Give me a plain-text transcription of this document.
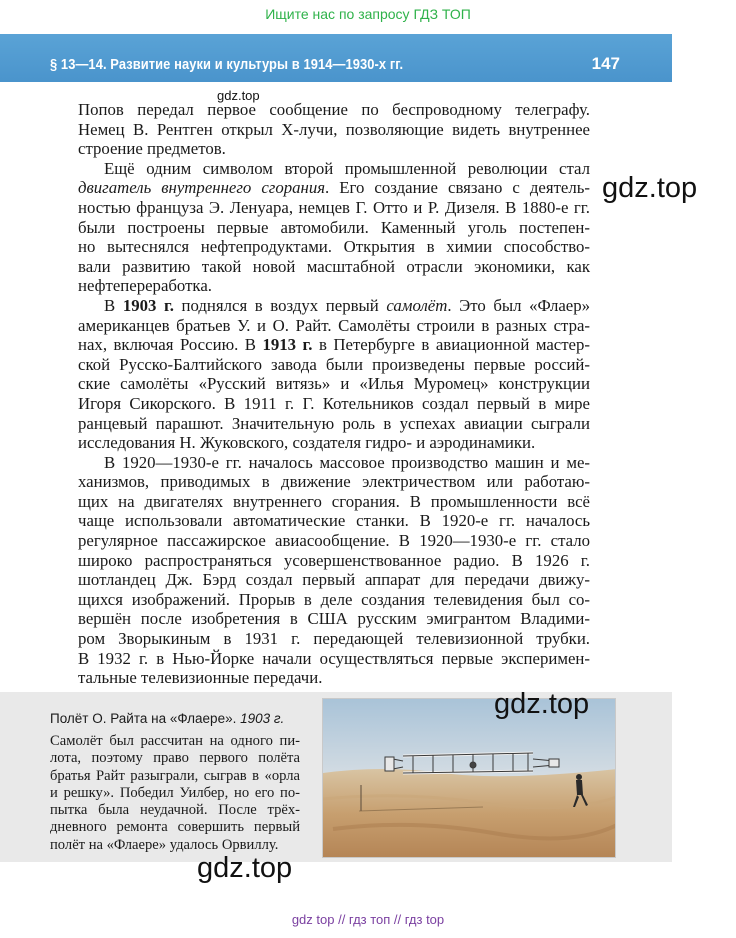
Ищите нас по запросу ГДЗ ТОП
§ 13—14. Развитие науки и культуры в 1914—1930-х гг.	147
gdz.top
gdz.top
Попов передал первое сообщение по беспроводному телеграфу.
Немец В. Рентген открыл Х-лучи, позволяющие видеть внутреннее
строение предметов.
Ещё одним символом второй промышленной революции стал
двигатель внутреннего сгорания. Его создание связано с деятель-
ностью француза Э. Ленуара, немцев Г. Отто и Р. Дизеля. В 1880-е гг.
были построены первые автомобили. Каменный уголь постепен-
но вытеснялся нефтепродуктами. Открытия в химии способство-
вали развитию такой новой масштабной отрасли экономики, как
нефтепереработка.
В 1903 г. поднялся в воздух первый самолёт. Это был «Флаер»
американцев братьев У. и О. Райт. Самолёты строили в разных стра-
нах, включая Россию. В 1913 г. в Петербурге в авиационной мастер-
ской Русско-Балтийского завода были произведены первые россий-
ские самолёты «Русский витязь» и «Илья Муромец» конструкции
Игоря Сикорского. В 1911 г. Г. Котельников создал первый в мире
ранцевый парашют. Значительную роль в успехах авиации сыграли
исследования Н. Жуковского, создателя гидро- и аэродинамики.
В 1920—1930-е гг. началось массовое производство машин и ме-
ханизмов, приводимых в движение электричеством или работаю-
щих на двигателях внутреннего сгорания. В промышленности всё
чаще использовали автоматические станки. В 1920-е гг. началось
регулярное пассажирское авиасообщение. В 1920—1930-е гг. стало
широко распространяться усовершенствованное радио. В 1926 г.
шотландец Дж. Бэрд создал первый аппарат для передачи движу-
щихся изображений. Прорыв в деле создания телевидения был со-
вершён после изобретения в США русским эмигрантом Владими-
ром Зворыкиным в 1931 г. передающей телевизионной трубки.
В 1932 г. в Нью-Йорке начали осуществляться первые эксперимен-
тальные телевизионные передачи.
Полёт О. Райта на «Флаере». 1903 г.
Самолёт был рассчитан на одного пи-
лота, поэтому право первого полёта
братья Райт разыграли, сыграв в «орла
и решку». Победил Уилбер, но его по-
пытка была неудачной. После трёх-
дневного ремонта совершить первый
полёт на «Флаере» удалось Орвиллу.
gdz.top
gdz.top
gdz top // гдз топ // гдз top
